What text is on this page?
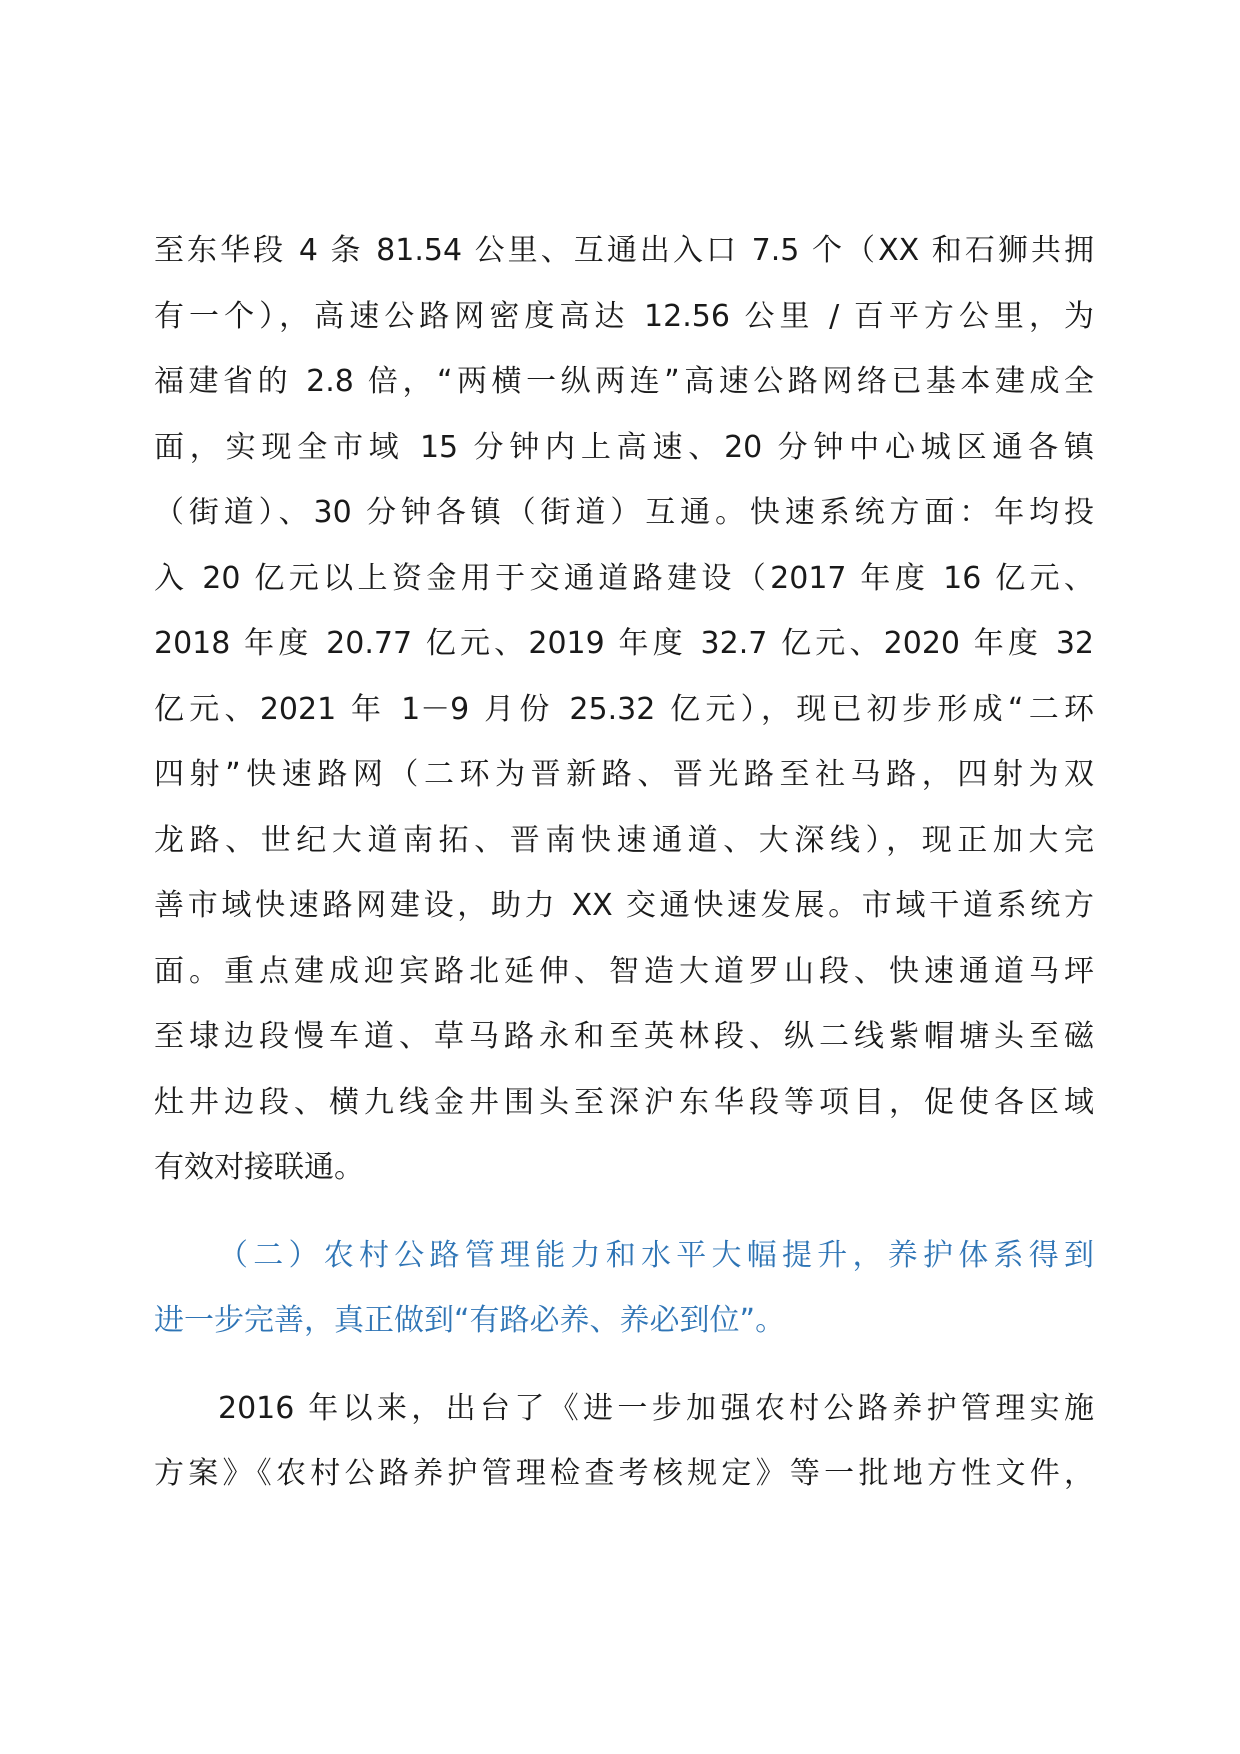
至东华段 4 条 81.54 公里、互通出入口 7.5 个（XX 和石狮共拥
有一个），高速公路网密度高达 12.56 公里 / 百平方公里，为
福建省的 2.8 倍，“两横一纵两连”高速公路网络已基本建成全
面，实现全市域 15 分钟内上高速、20 分钟中心城区通各镇
（街道）、30 分钟各镇（街道）互通。快速系统方面：年均投
入 20 亿元以上资金用于交通道路建设（2017 年度 16 亿元、
2018 年度 20.77 亿元、2019 年度 32.7 亿元、2020 年度 32
亿元、2021 年 1－9 月份 25.32 亿元），现已初步形成“二环
四射”快速路网（二环为晋新路、晋光路至社马路，四射为双
龙路、世纪大道南拓、晋南快速通道、大深线），现正加大完
善市域快速路网建设，助力 XX 交通快速发展。市域干道系统方
面。重点建成迎宾路北延伸、智造大道罗山段、快速通道马坪
至埭边段慢车道、草马路永和至英林段、纵二线紫帽塘头至磁
灶井边段、横九线金井围头至深沪东华段等项目，促使各区域
有效对接联通。

（二）农村公路管理能力和水平大幅提升，养护体系得到
进一步完善，真正做到“有路必养、养必到位”。

2016 年以来，出台了《进一步加强农村公路养护管理实施
方案》《农村公路养护管理检查考核规定》等一批地方性文件，
